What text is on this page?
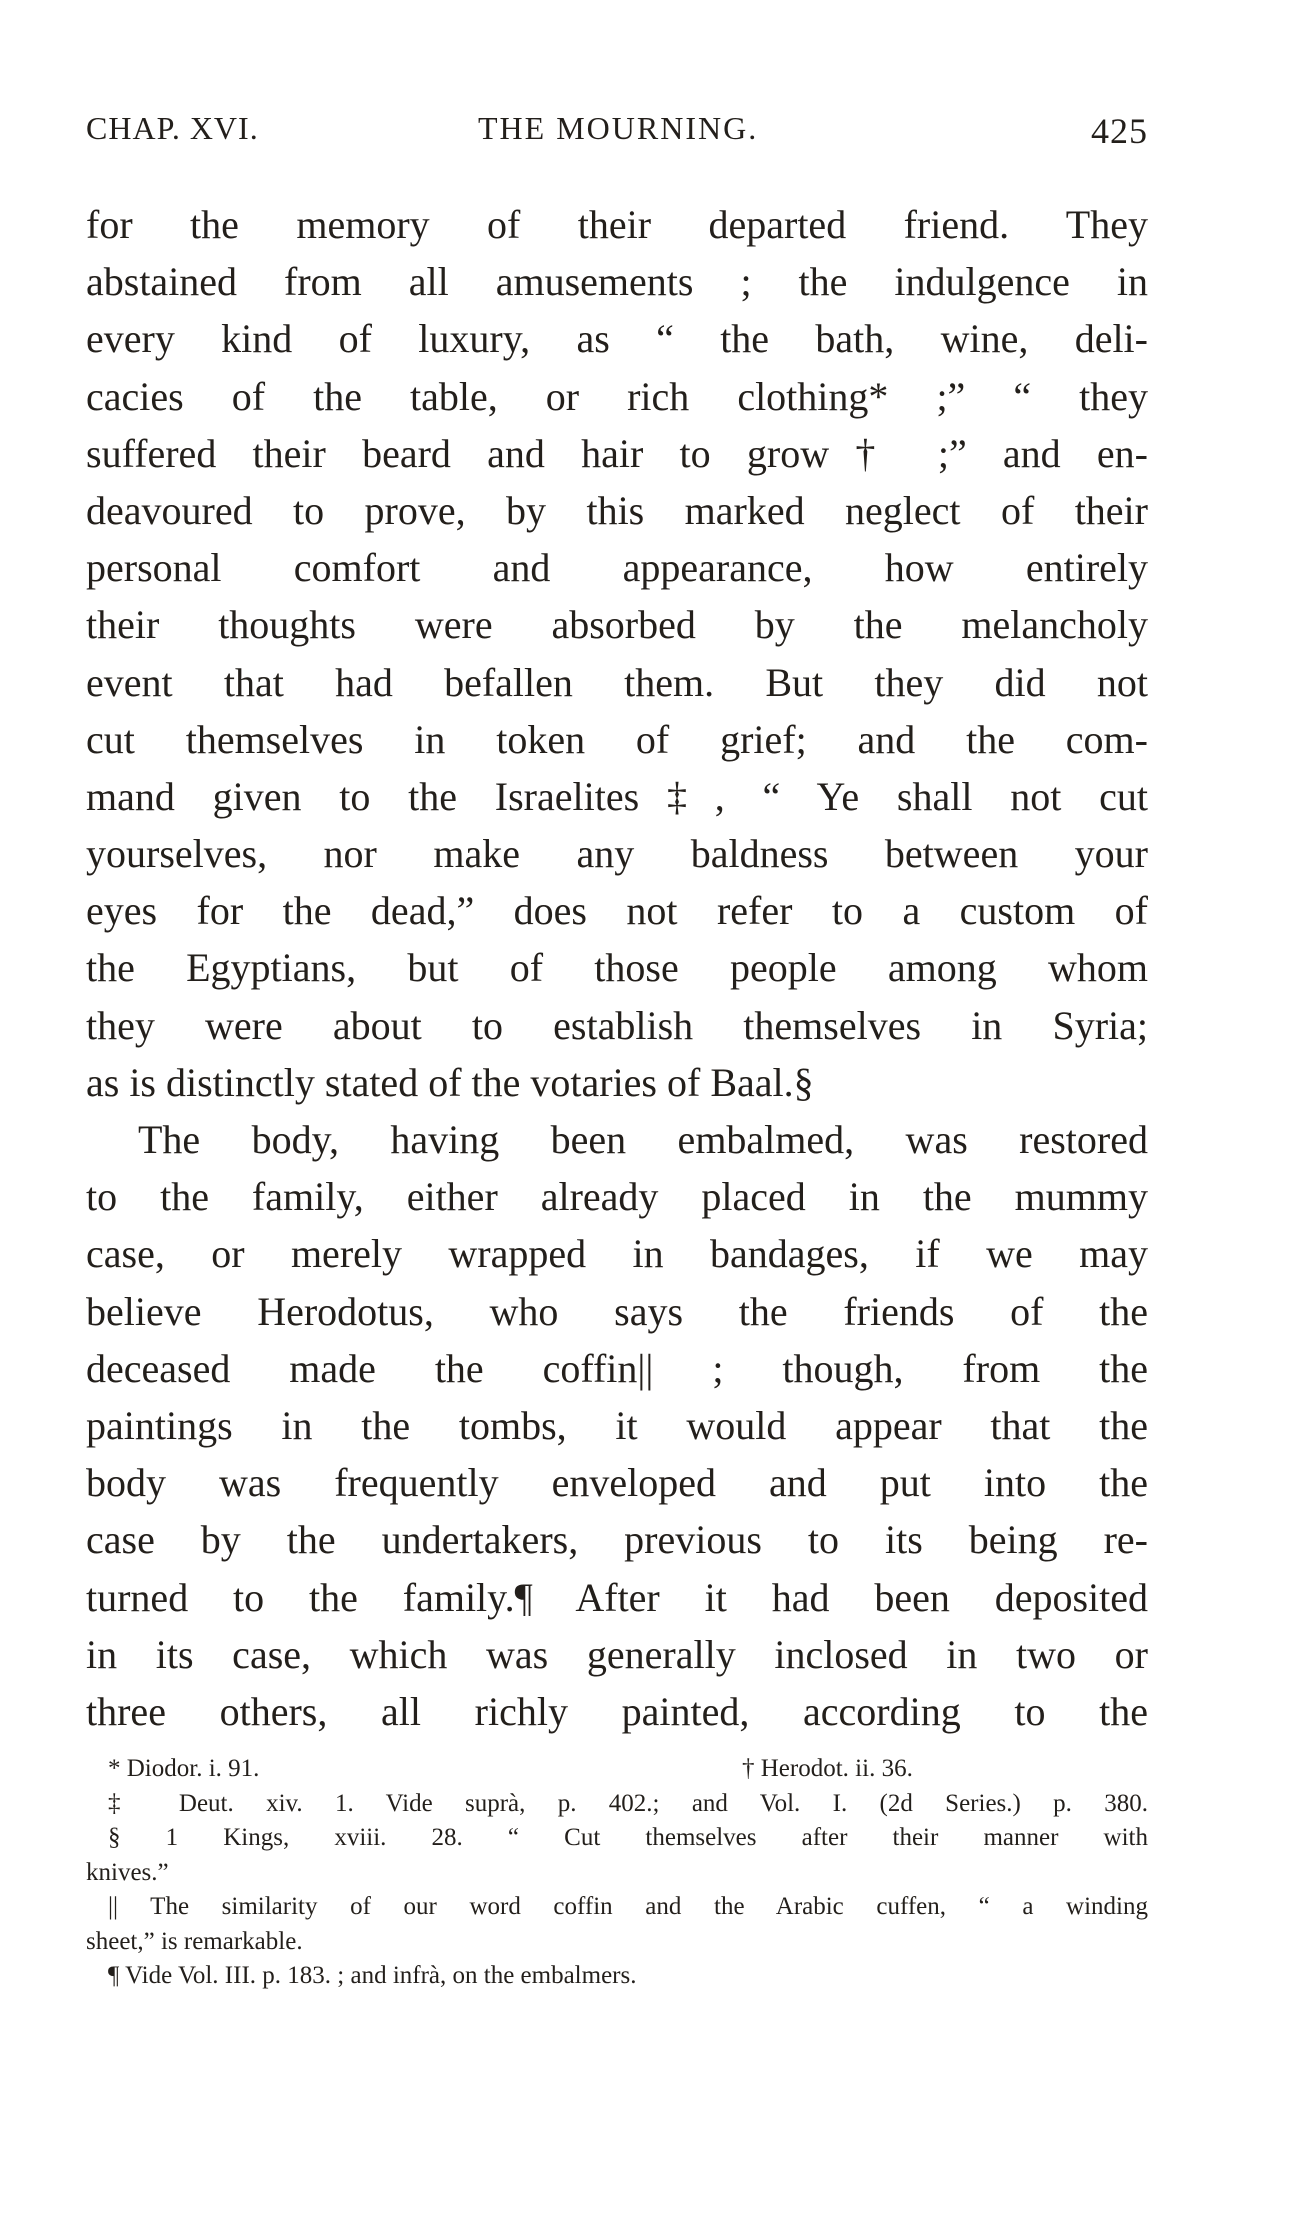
CHAP. XVI.	THE MOURNING.	425
for the memory of their departed friend. They
abstained from all amusements ; the indulgence in
every kind of luxury, as “ the bath, wine, deli-
cacies of the table, or rich clothing* ;” “ they
suffered their beard and hair to grow† ;” and en-
deavoured to prove, by this marked neglect of their
personal comfort and appearance, how entirely
their thoughts were absorbed by the melancholy
event that had befallen them. But they did not
cut themselves in token of grief; and the com-
mand given to the Israelites‡, “ Ye shall not cut
yourselves, nor make any baldness between your
eyes for the dead,” does not refer to a custom of
the Egyptians, but of those people among whom
they were about to establish themselves in Syria;
as is distinctly stated of the votaries of Baal.§
The body, having been embalmed, was restored
to the family, either already placed in the mummy
case, or merely wrapped in bandages, if we may
believe Herodotus, who says the friends of the
deceased made the coffin|| ; though, from the
paintings in the tombs, it would appear that the
body was frequently enveloped and put into the
case by the undertakers, previous to its being re-
turned to the family.¶ After it had been deposited
in its case, which was generally inclosed in two or
three others, all richly painted, according to the
* Diodor. i. 91.	† Herodot. ii. 36.
‡ Deut. xiv. 1. Vide suprà, p. 402.; and Vol. I. (2d Series.) p. 380.
§ 1 Kings, xviii. 28. “ Cut themselves after their manner with
knives.”
|| The similarity of our word coffin and the Arabic cuffen, “ a winding
sheet,” is remarkable.
¶ Vide Vol. III. p. 183. ; and infrà, on the embalmers.
